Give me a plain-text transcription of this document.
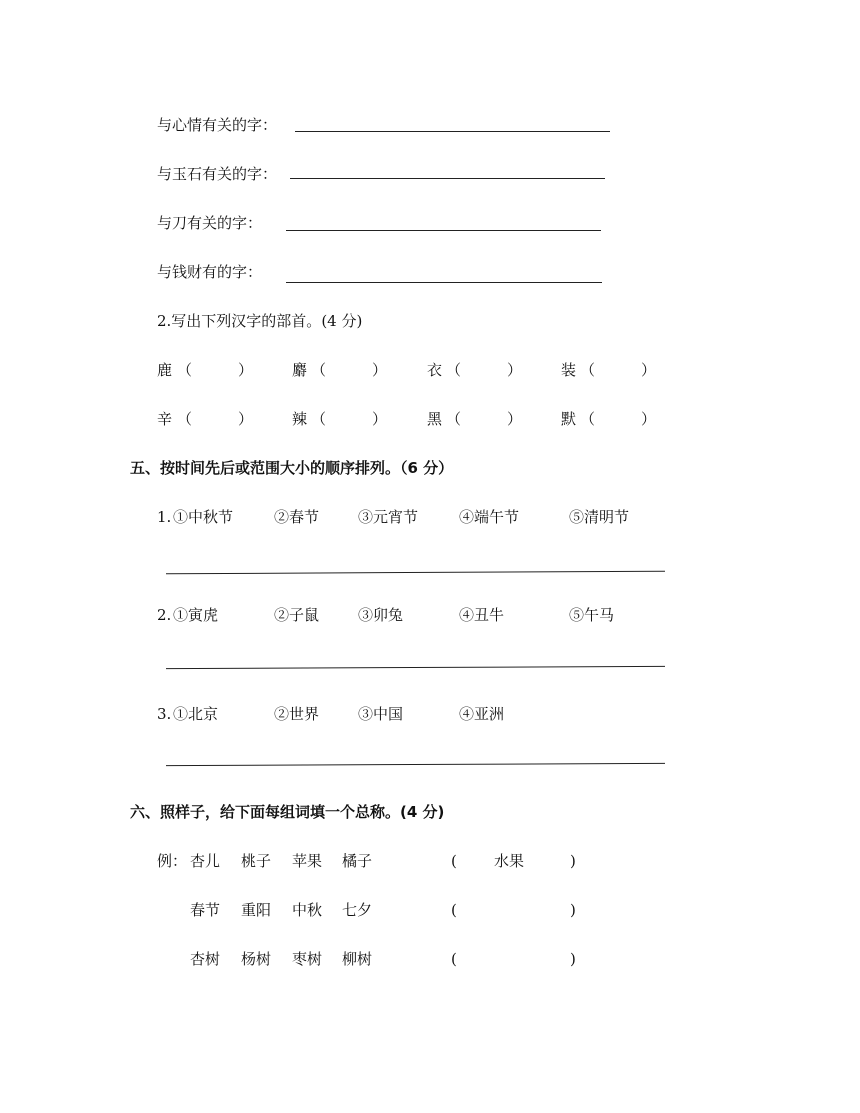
与心情有关的字：
与玉石有关的字：
与刀有关的字：
与钱财有的字：
2.写出下列汉字的部首。(4 分)
鹿 （	）	麝 （	）	衣 （	）	装 （	）
辛 （	）	辣 （	）	黑 （	）	默 （	）
五、按时间先后或范围大小的顺序排列。（6 分）
1. ①中秋节	②春节	③元宵节	④端午节	⑤清明节
2. ①寅虎	②子鼠	③卯兔	④丑牛	⑤午马
3. ①北京	②世界	③中国	④亚洲
六、照样子，给下面每组词填一个总称。(4 分)
例： 杏儿 桃子 苹果 橘子	( 水果	)
春节 重阳 中秋 七夕	(	)
杏树 杨树 枣树 柳树	(	)
